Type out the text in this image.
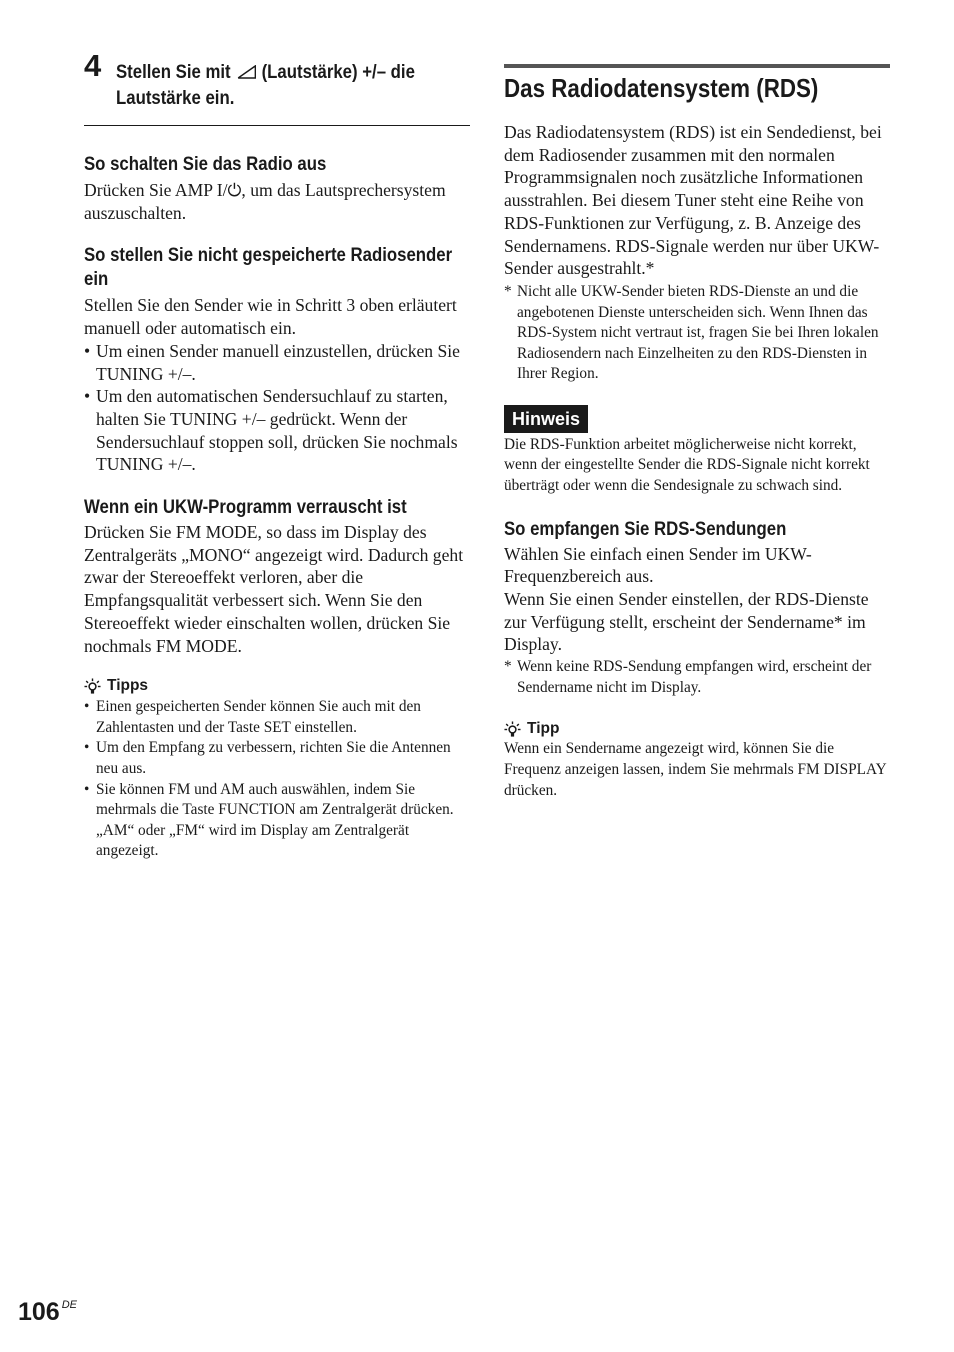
4 Stellen Sie mit (Lautstärke) +/– die
Lautstärke ein.
So schalten Sie das Radio aus

Drücken Sie AMP I/⏻, um das Lautsprechersystem auszuschalten.

So stellen Sie nicht gespeicherte Radiosender ein

Stellen Sie den Sender wie in Schritt 3 oben erläutert manuell oder automatisch ein.

• Um einen Sender manuell einzustellen, drücken Sie TUNING +/–.
• Um den automatischen Sendersuchlauf zu starten, halten Sie TUNING +/– gedrückt. Wenn der Sendersuchlauf stoppen soll, drücken Sie nochmals TUNING +/–.
Wenn ein UKW-Programm verrauscht ist

Drücken Sie FM MODE, so dass im Display des Zentralgeräts „MONO“ angezeigt wird. Dadurch geht zwar der Stereoeffekt verloren, aber die Empfangsqualität verbessert sich. Wenn Sie den Stereoeffekt wieder einschalten wollen, drücken Sie nochmals FM MODE.

Tipps
• Einen gespeicherten Sender können Sie auch mit den Zahlentasten und der Taste SET einstellen.
• Um den Empfang zu verbessern, richten Sie die Antennen neu aus.
• Sie können FM und AM auch auswählen, indem Sie mehrmals die Taste FUNCTION am Zentralgerät drücken. „AM“ oder „FM“ wird im Display am Zentralgerät angezeigt.
Das Radiodatensystem (RDS)

Das Radiodatensystem (RDS) ist ein Sendedienst, bei dem Radiosender zusammen mit den normalen Programmsignalen noch zusätzliche Informationen ausstrahlen. Bei diesem Tuner steht eine Reihe von RDS-Funktionen zur Verfügung, z. B. Anzeige des Sendernamens. RDS-Signale werden nur über UKW-Sender ausgestrahlt.*

* Nicht alle UKW-Sender bieten RDS-Dienste an und die angebotenen Dienste unterscheiden sich. Wenn Ihnen das RDS-System nicht vertraut ist, fragen Sie bei Ihren lokalen Radiosendern nach Einzelheiten zu den RDS-Diensten in Ihrer Region.

Hinweis

Die RDS-Funktion arbeitet möglicherweise nicht korrekt, wenn der eingestellte Sender die RDS-Signale nicht korrekt überträgt oder wenn die Sendesignale zu schwach sind.

So empfangen Sie RDS-Sendungen

Wählen Sie einfach einen Sender im UKW-Frequenzbereich aus.

Wenn Sie einen Sender einstellen, der RDS-Dienste zur Verfügung stellt, erscheint der Sendername* im Display.

* Wenn keine RDS-Sendung empfangen wird, erscheint der Sendername nicht im Display.

Tipp

Wenn ein Sendername angezeigt wird, können Sie die Frequenz anzeigen lassen, indem Sie mehrmals FM DISPLAY drücken.

106 $^{DE}$
